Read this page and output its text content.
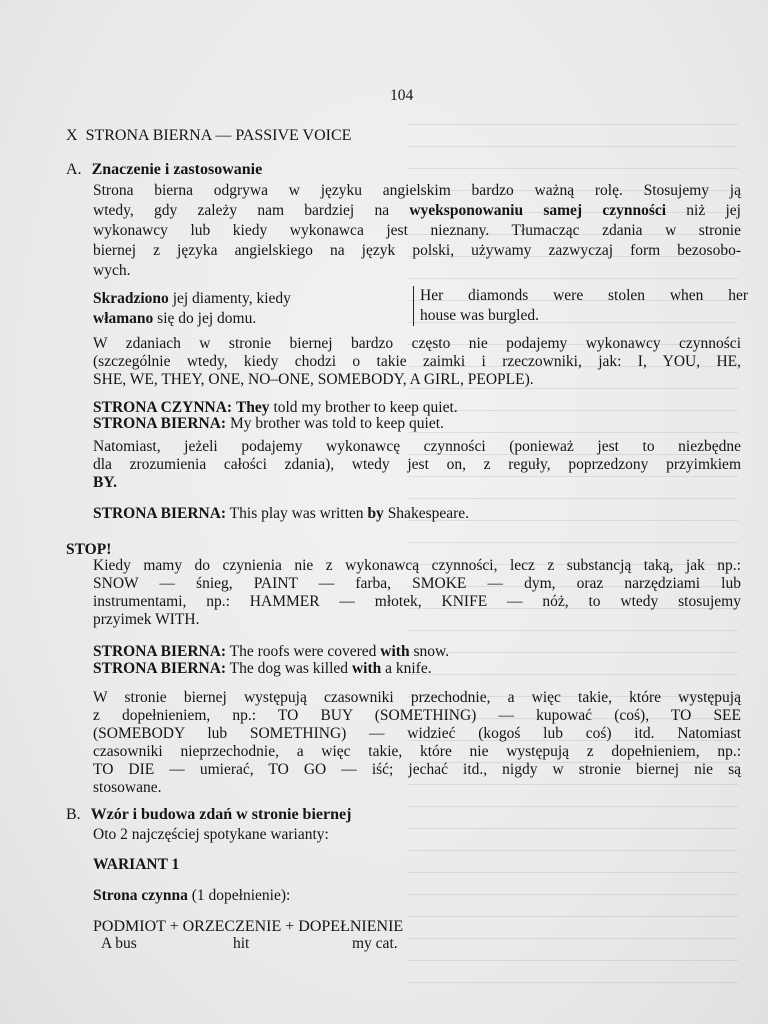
104
X STRONA BIERNA — PASSIVE VOICE
A. Znaczenie i zastosowanie
Strona bierna odgrywa w języku angielskim bardzo ważną rolę. Stosujemy ją
wtedy, gdy zależy nam bardziej na wyeksponowaniu samej czynności niż jej
wykonawcy lub kiedy wykonawca jest nieznany. Tłumacząc zdania w stronie
biernej z języka angielskiego na język polski, używamy zazwyczaj form bezosobo-
wych.
Skradziono jej diamenty, kiedy
włamano się do jej domu.
Her diamonds were stolen when her
house was burgled.
W zdaniach w stronie biernej bardzo często nie podajemy wykonawcy czynności
(szczególnie wtedy, kiedy chodzi o takie zaimki i rzeczowniki, jak: I, YOU, HE,
SHE, WE, THEY, ONE, NO–ONE, SOMEBODY, A GIRL, PEOPLE).
STRONA CZYNNA: They told my brother to keep quiet.
STRONA BIERNA: My brother was told to keep quiet.
Natomiast, jeżeli podajemy wykonawcę czynności (ponieważ jest to niezbędne
dla zrozumienia całości zdania), wtedy jest on, z reguły, poprzedzony przyimkiem
BY.
STRONA BIERNA: This play was written by Shakespeare.
STOP!
Kiedy mamy do czynienia nie z wykonawcą czynności, lecz z substancją taką, jak np.:
SNOW — śnieg, PAINT — farba, SMOKE — dym, oraz narzędziami lub
instrumentami, np.: HAMMER — młotek, KNIFE — nóż, to wtedy stosujemy
przyimek WITH.
STRONA BIERNA: The roofs were covered with snow.
STRONA BIERNA: The dog was killed with a knife.
W stronie biernej występują czasowniki przechodnie, a więc takie, które występują
z dopełnieniem, np.: TO BUY (SOMETHING) — kupować (coś), TO SEE
(SOMEBODY lub SOMETHING) — widzieć (kogoś lub coś) itd. Natomiast
czasowniki nieprzechodnie, a więc takie, które nie występują z dopełnieniem, np.:
TO DIE — umierać, TO GO — iść; jechać itd., nigdy w stronie biernej nie są
stosowane.
B. Wzór i budowa zdań w stronie biernej
Oto 2 najczęściej spotykane warianty:
WARIANT 1
Strona czynna (1 dopełnienie):
PODMIOT + ORZECZENIE + DOPEŁNIENIE
A bus	hit	my cat.
